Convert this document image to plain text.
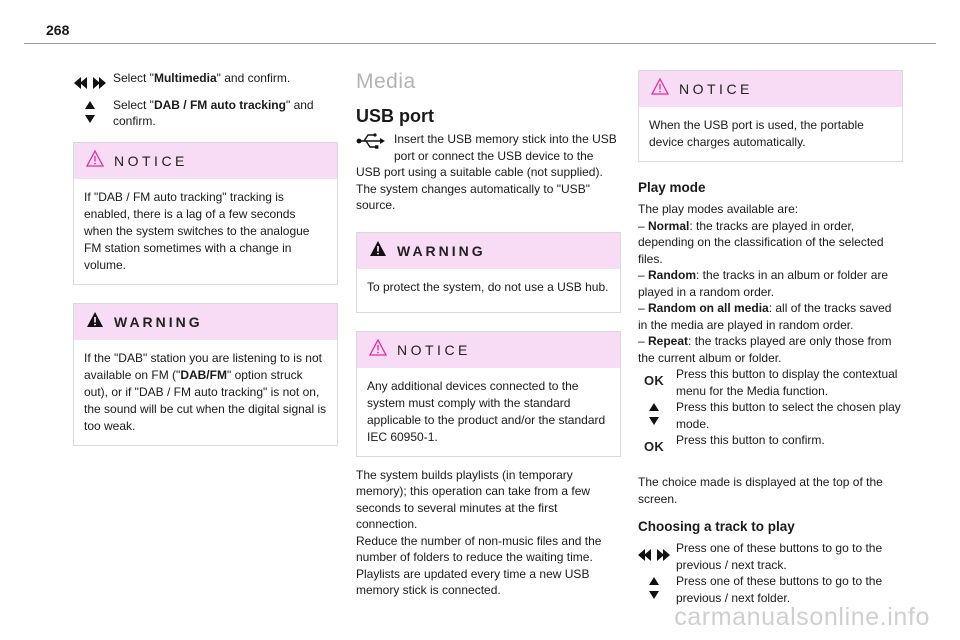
268
Select "Multimedia" and confirm.
Select "DAB / FM auto tracking" and confirm.
NOTICE
If "DAB / FM auto tracking" tracking is enabled, there is a lag of a few seconds when the system switches to the analogue FM station sometimes with a change in volume.
WARNING
If the "DAB" station you are listening to is not available on FM ("DAB/FM" option struck out), or if "DAB / FM auto tracking" is not on, the sound will be cut when the digital signal is too weak.
Media
USB port

Insert the USB memory stick into the USB port or connect the USB device to the USB port using a suitable cable (not supplied). The system changes automatically to "USB" source.

WARNING
To protect the system, do not use a USB hub.
NOTICE
Any additional devices connected to the system must comply with the standard applicable to the product and/or the standard IEC 60950-1.

The system builds playlists (in temporary memory); this operation can take from a few seconds to several minutes at the first connection.

Reduce the number of non-music files and the number of folders to reduce the waiting time.

Playlists are updated every time a new USB memory stick is connected.

NOTICE
When the USB port is used, the portable device charges automatically.
Play mode

The play modes available are:

– Normal: the tracks are played in order, depending on the classification of the selected files.

– Random: the tracks in an album or folder are played in a random order.

– Random on all media: all of the tracks saved in the media are played in random order.

– Repeat: the tracks played are only those from the current album or folder.

OK Press this button to display the contextual menu for the Media function.
Press this button to select the chosen play mode.
OK Press this button to confirm.

The choice made is displayed at the top of the screen.

Choosing a track to play
Press one of these buttons to go to the previous / next track.
Press one of these buttons to go to the previous / next folder.
carmanualsonline.info
